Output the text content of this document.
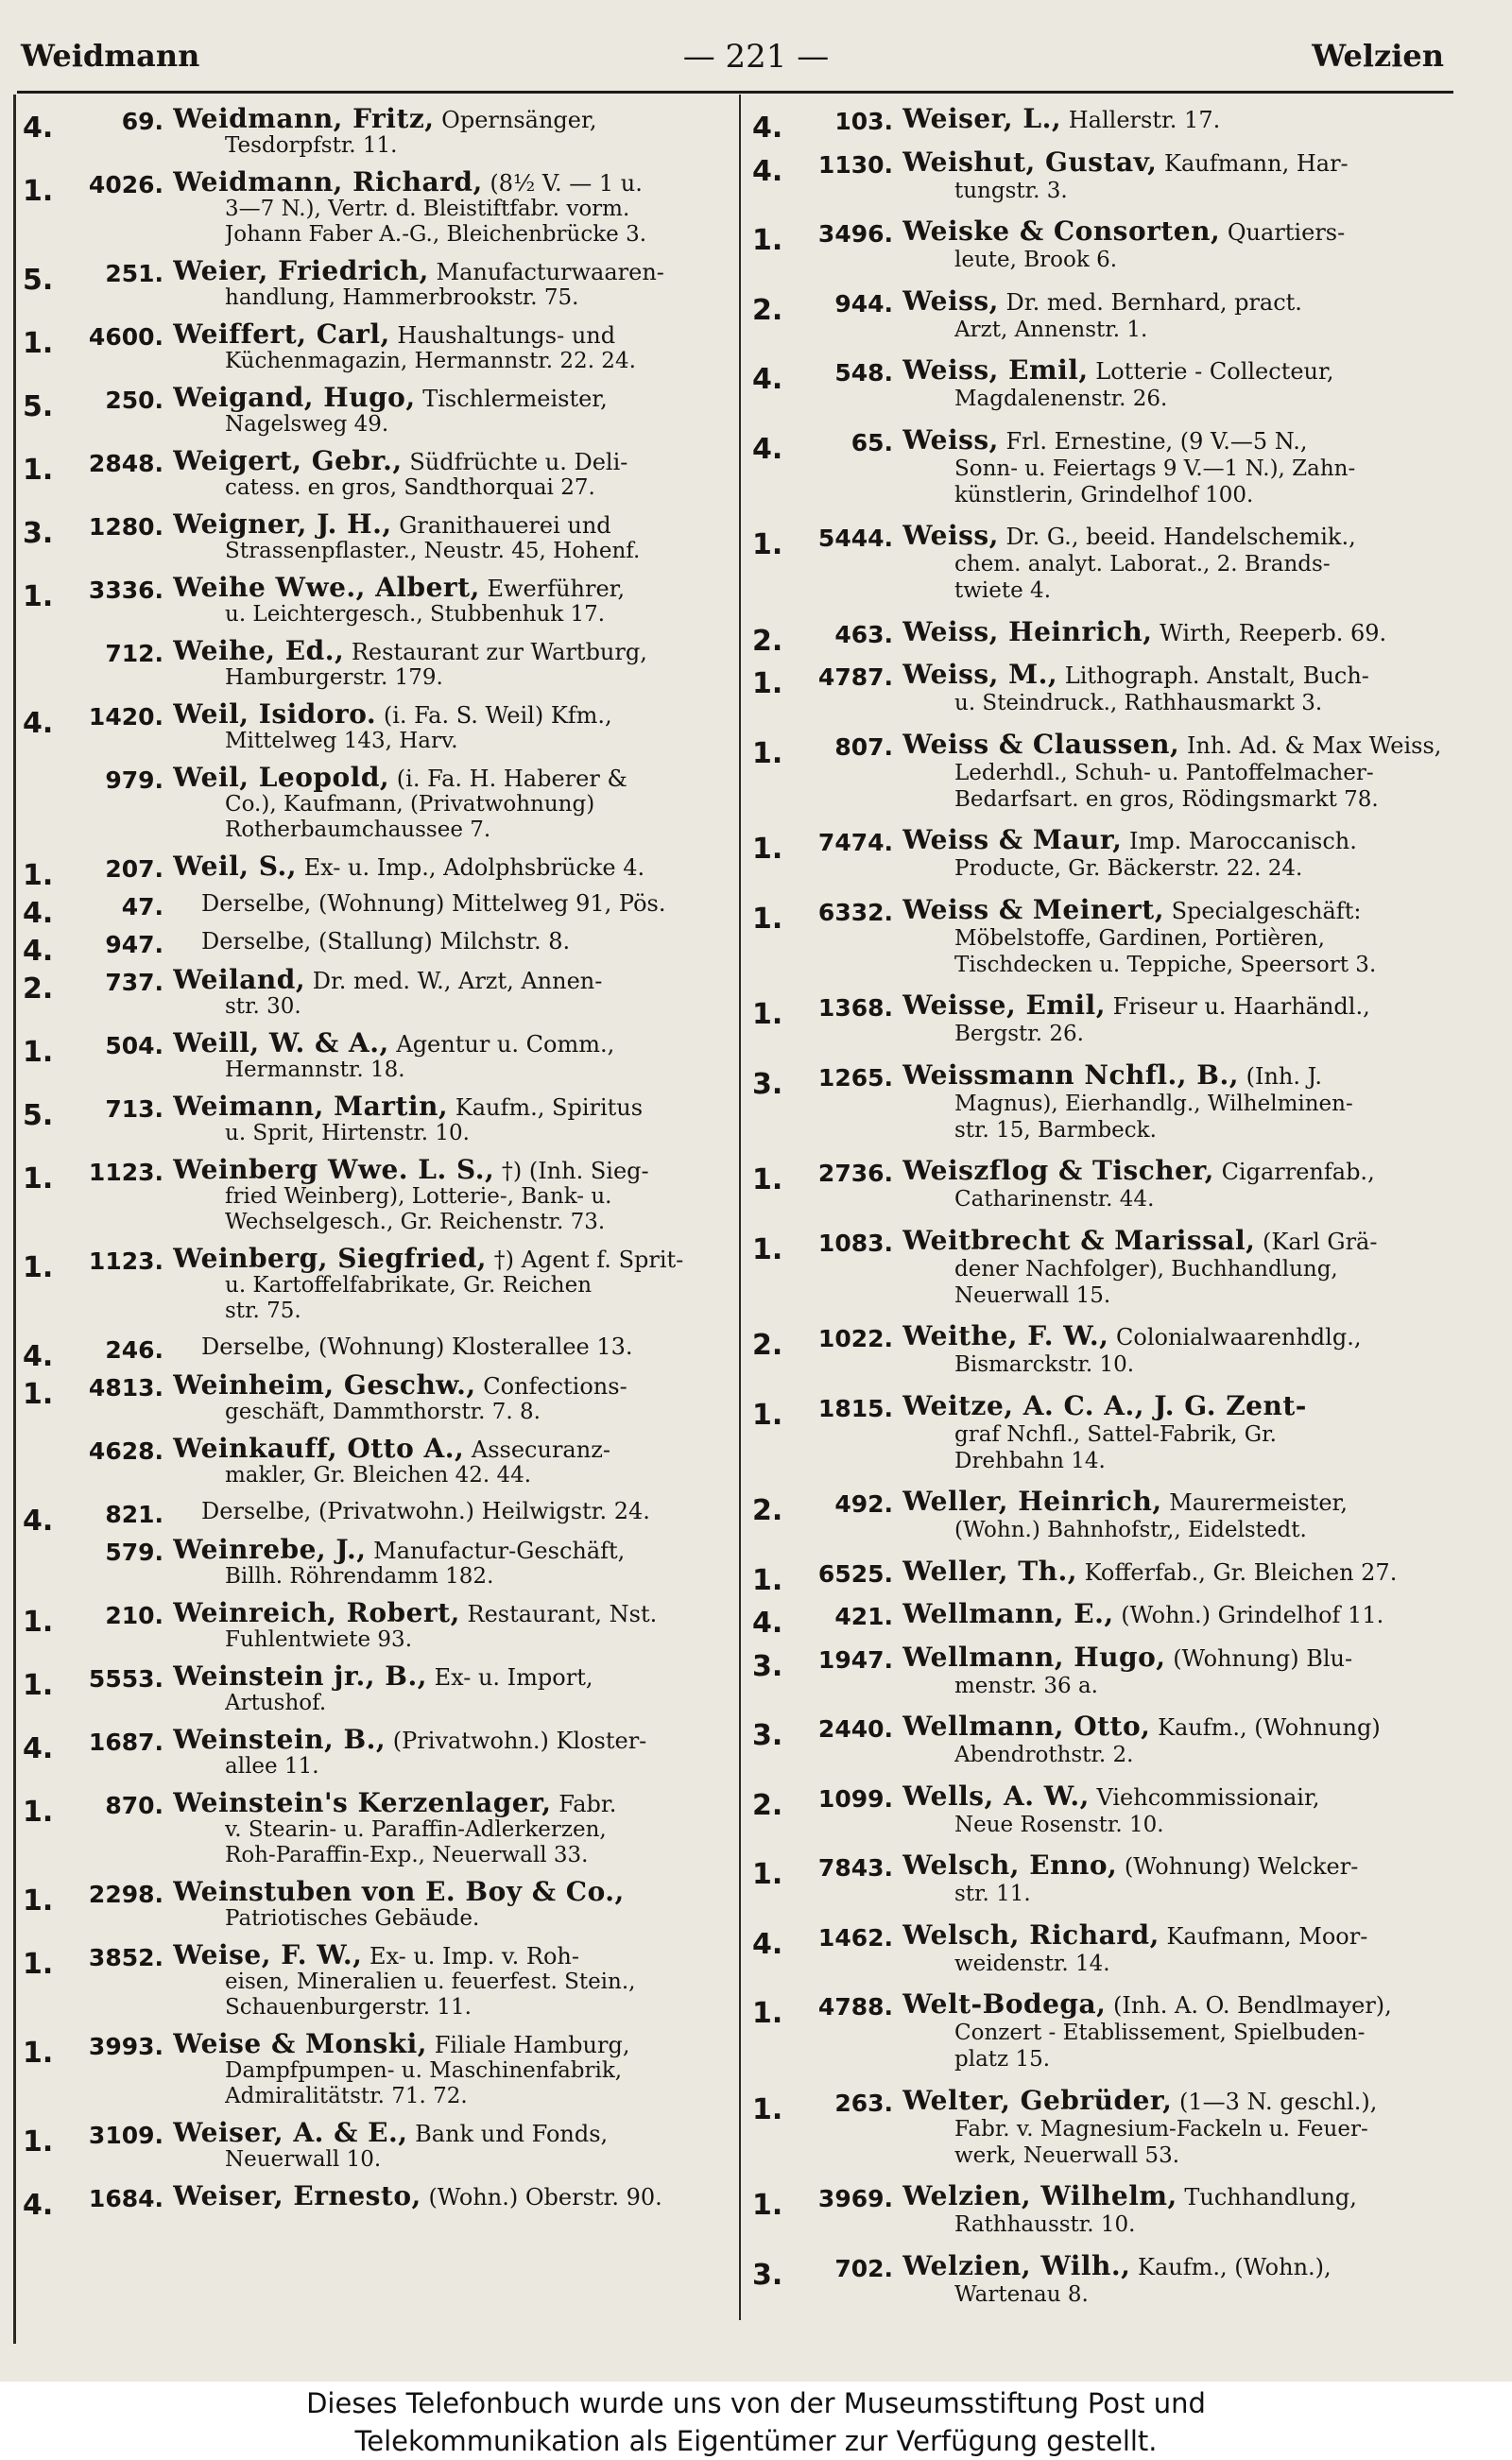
Weidmann	— 221 —	Welzien
4.	69. Weidmann, Fritz, Opernsänger,
Tesdorpfstr. 11.
1. 4026. Weidmann, Richard, (8½ V. — 1 u.
3—7 N.), Vertr. d. Bleistiftfabr. vorm.
Johann Faber A.-G., Bleichenbrücke 3.
5. 251. Weier, Friedrich, Manufacturwaaren-
handlung, Hammerbrookstr. 75.
1. 4600. Weiffert, Carl, Haushaltungs- und
Küchenmagazin, Hermannstr. 22. 24.
5. 250. Weigand, Hugo, Tischlermeister,
Nagelsweg 49.
1. 2848. Weigert, Gebr., Südfrüchte u. Deli-
catess. en gros, Sandthorquai 27.
3. 1280. Weigner, J. H., Granithauerei und
Strassenpflaster., Neustr. 45, Hohenf.
1. 3336. Weihe Wwe., Albert, Ewerführer,
u. Leichtergesch., Stubbenhuk 17.
712. Weihe, Ed., Restaurant zur Wartburg,
Hamburgerstr. 179.
4. 1420. Weil, Isidoro. (i. Fa. S. Weil) Kfm.,
Mittelweg 143, Harv.
979. Weil, Leopold, (i. Fa. H. Haberer &
Co.), Kaufmann, (Privatwohnung)
Rotherbaumchaussee 7.
1. 207. Weil, S., Ex- u. Imp., Adolphsbrücke 4.
4.	47. Derselbe, (Wohnung) Mittelweg 91, Pös.
4. 947. Derselbe, (Stallung) Milchstr. 8.
2. 737. Weiland, Dr. med. W., Arzt, Annen-
str. 30.
1. 504. Weill, W. & A., Agentur u. Comm.,
Hermannstr. 18.
5. 713. Weimann, Martin, Kaufm., Spiritus
u. Sprit, Hirtenstr. 10.
1. 1123. Weinberg Wwe. L. S., †) (Inh. Sieg-
fried Weinberg), Lotterie-, Bank- u.
Wechselgesch., Gr. Reichenstr. 73.
1. 1123. Weinberg, Siegfried, †) Agent f. Sprit-
u. Kartoffelfabrikate, Gr. Reichen
str. 75.
4. 246. Derselbe, (Wohnung) Klosterallee 13.
1. 4813. Weinheim, Geschw., Confections-
geschäft, Dammthorstr. 7. 8.
4628. Weinkauff, Otto A., Assecuranz-
makler, Gr. Bleichen 42. 44.
4. 821. Derselbe, (Privatwohn.) Heilwigstr. 24.
579. Weinrebe, J., Manufactur-Geschäft,
Billh. Röhrendamm 182.
1. 210. Weinreich, Robert, Restaurant, Nst.
Fuhlentwiete 93.
1. 5553. Weinstein jr., B., Ex- u. Import,
Artushof.
4. 1687. Weinstein, B., (Privatwohn.) Kloster-
allee 11.
1. 870. Weinstein's Kerzenlager, Fabr.
v. Stearin- u. Paraffin-Adlerkerzen,
Roh-Paraffin-Exp., Neuerwall 33.
1. 2298. Weinstuben von E. Boy & Co.,
Patriotisches Gebäude.
1. 3852. Weise, F. W., Ex- u. Imp. v. Roh-
eisen, Mineralien u. feuerfest. Stein.,
Schauenburgerstr. 11.
1. 3993. Weise & Monski, Filiale Hamburg,
Dampfpumpen- u. Maschinenfabrik,
Admiralitätstr. 71. 72.
1. 3109. Weiser, A. & E., Bank und Fonds,
Neuerwall 10.
4. 1684. Weiser, Ernesto, (Wohn.) Oberstr. 90.
4. 103. Weiser, L., Hallerstr. 17.
4. 1130. Weishut, Gustav, Kaufmann, Har-
tungstr. 3.
1. 3496. Weiske & Consorten, Quartiers-
leute, Brook 6.
2. 944. Weiss, Dr. med. Bernhard, pract.
Arzt, Annenstr. 1.
4. 548. Weiss, Emil, Lotterie - Collecteur,
Magdalenenstr. 26.
4.	65. Weiss, Frl. Ernestine, (9 V.—5 N.,
Sonn- u. Feiertags 9 V.—1 N.), Zahn-
künstlerin, Grindelhof 100.
1. 5444. Weiss, Dr. G., beeid. Handelschemik.,
chem. analyt. Laborat., 2. Brands-
twiete 4.
2. 463. Weiss, Heinrich, Wirth, Reeperb. 69.
1. 4787. Weiss, M., Lithograph. Anstalt, Buch-
u. Steindruck., Rathhausmarkt 3.
1. 807. Weiss & Claussen, Inh. Ad. & Max Weiss,
Lederhdl., Schuh- u. Pantoffelmacher-
Bedarfsart. en gros, Rödingsmarkt 78.
1. 7474. Weiss & Maur, Imp. Maroccanisch.
Producte, Gr. Bäckerstr. 22. 24.
1. 6332. Weiss & Meinert, Specialgeschäft:
Möbelstoffe, Gardinen, Portièren,
Tischdecken u. Teppiche, Speersort 3.
1. 1368. Weisse, Emil, Friseur u. Haarhändl.,
Bergstr. 26.
3. 1265. Weissmann Nchfl., B., (Inh. J.
Magnus), Eierhandlg., Wilhelminen-
str. 15, Barmbeck.
1. 2736. Weiszflog & Tischer, Cigarrenfab.,
Catharinenstr. 44.
1. 1083. Weitbrecht & Marissal, (Karl Grä-
dener Nachfolger), Buchhandlung,
Neuerwall 15.
2. 1022. Weithe, F. W., Colonialwaarenhdlg.,
Bismarckstr. 10.
1. 1815. Weitze, A. C. A., J. G. Zent-
graf Nchfl., Sattel-Fabrik, Gr.
Drehbahn 14.
2. 492. Weller, Heinrich, Maurermeister,
(Wohn.) Bahnhofstr,, Eidelstedt.
1. 6525. Weller, Th., Kofferfab., Gr. Bleichen 27.
4. 421. Wellmann, E., (Wohn.) Grindelhof 11.
3. 1947. Wellmann, Hugo, (Wohnung) Blu-
menstr. 36 a.
3. 2440. Wellmann, Otto, Kaufm., (Wohnung)
Abendrothstr. 2.
2. 1099. Wells, A. W., Viehcommissionair,
Neue Rosenstr. 10.
1. 7843. Welsch, Enno, (Wohnung) Welcker-
str. 11.
4. 1462. Welsch, Richard, Kaufmann, Moor-
weidenstr. 14.
1. 4788. Welt-Bodega, (Inh. A. O. Bendlmayer),
Conzert - Etablissement, Spielbuden-
platz 15.
1. 263. Welter, Gebrüder, (1—3 N. geschl.),
Fabr. v. Magnesium-Fackeln u. Feuer-
werk, Neuerwall 53.
1. 3969. Welzien, Wilhelm, Tuchhandlung,
Rathhausstr. 10.
3. 702. Welzien, Wilh., Kaufm., (Wohn.),
Wartenau 8.
Dieses Telefonbuch wurde uns von der Museumsstiftung Post und
Telekommunikation als Eigentümer zur Verfügung gestellt.
